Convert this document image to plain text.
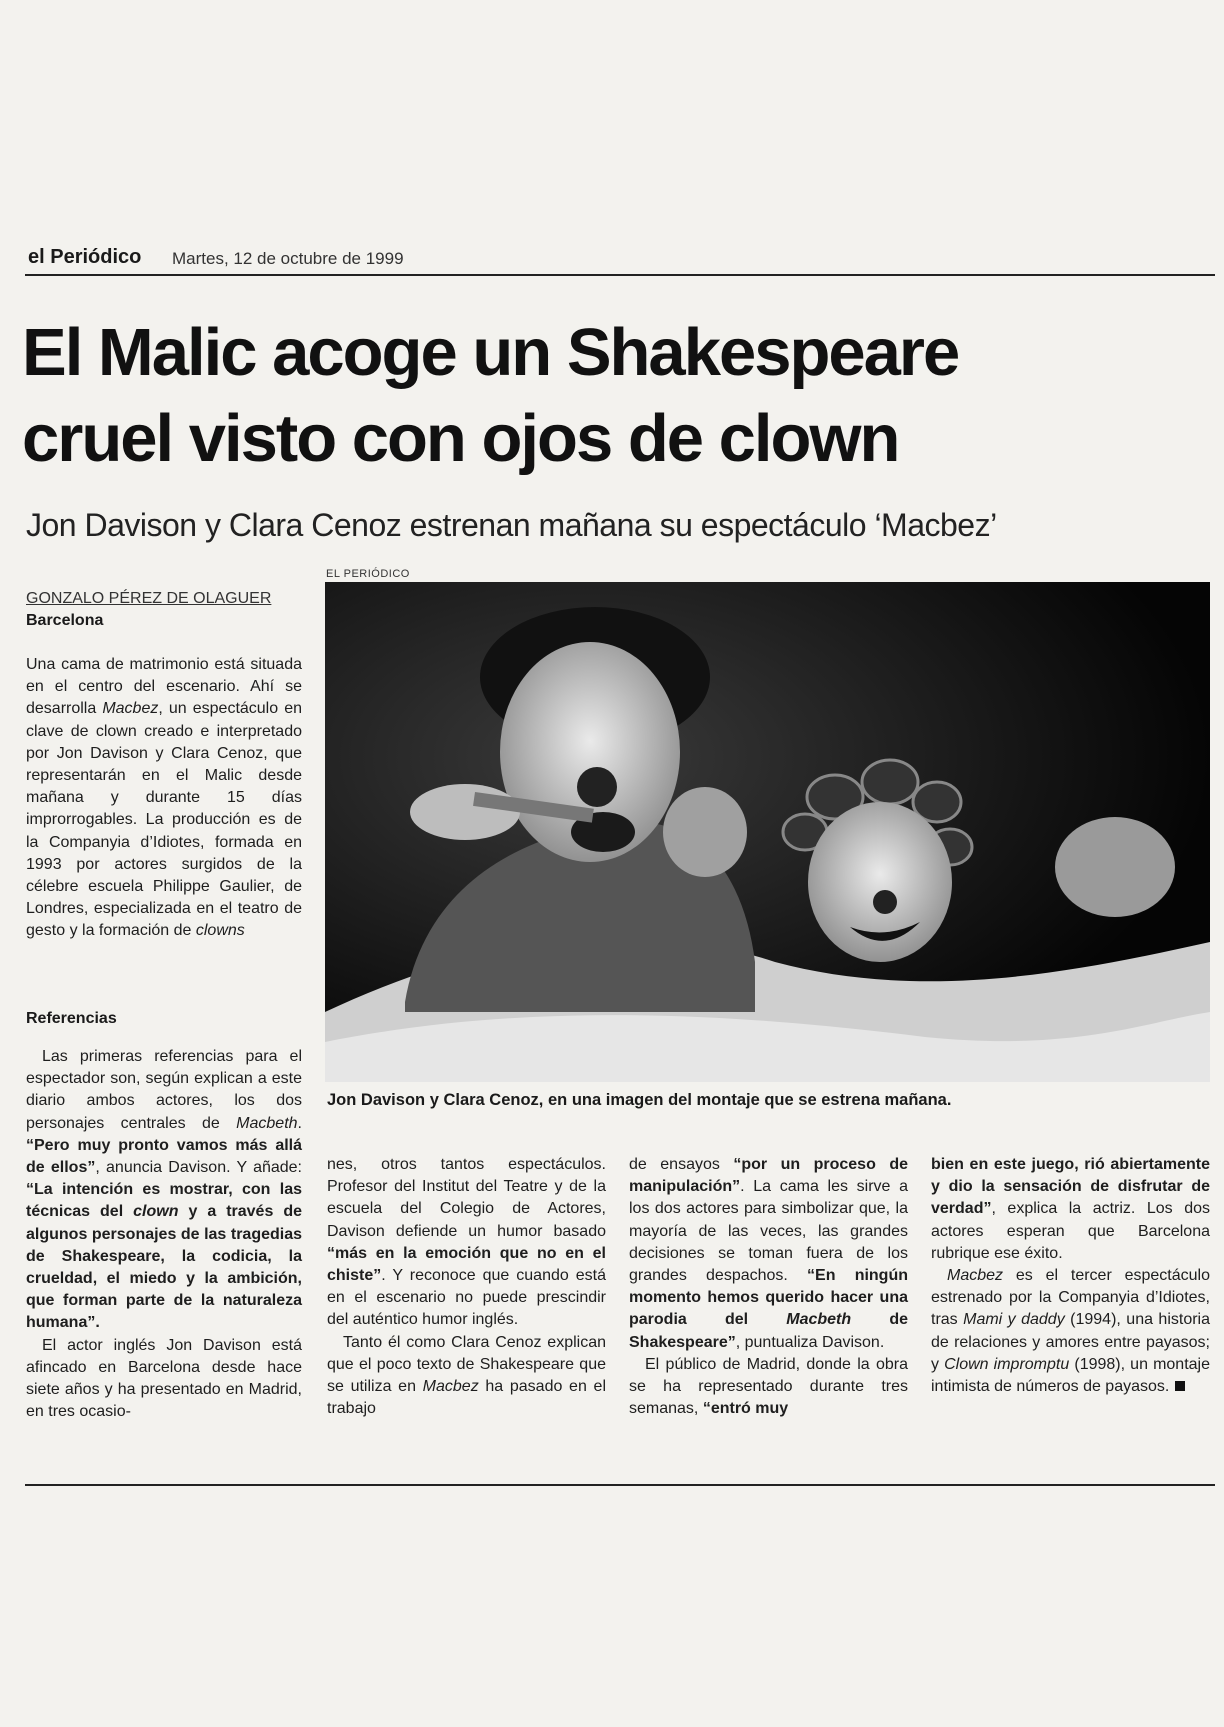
el Periódico Martes, 12 de octubre de 1999
El Malic acoge un Shakespeare
cruel visto con ojos de clown
Jon Davison y Clara Cenoz estrenan mañana su espectáculo ‘Macbez’
GONZALO PÉREZ DE OLAGUER
Barcelona
EL PERIÓDICO
Jon Davison y Clara Cenoz, en una imagen del montaje que se estrena mañana.

Una cama de matrimonio está situada en el centro del escenario. Ahí se desarrolla Macbez, un espectáculo en clave de clown creado e interpretado por Jon Davison y Clara Cenoz, que representarán en el Malic desde mañana y durante 15 días improrrogables. La producción es de la Companyia d’Idiotes, formada en 1993 por actores surgidos de la célebre escuela Philippe Gaulier, de Londres, especializada en el teatro de gesto y la formación de clowns

Referencias

Las primeras referencias para el espectador son, según explican a este diario ambos actores, los dos personajes centrales de Macbeth. “Pero muy pronto vamos más allá de ellos”, anuncia Davison. Y añade: “La intención es mostrar, con las técnicas del clown y a través de algunos personajes de las tragedias de Shakespeare, la codicia, la crueldad, el miedo y la ambición, que forman parte de la naturaleza humana”.

El actor inglés Jon Davison está afincado en Barcelona desde hace siete años y ha presentado en Madrid, en tres ocasio-

nes, otros tantos espectáculos. Profesor del Institut del Teatre y de la escuela del Colegio de Actores, Davison defiende un humor basado “más en la emoción que no en el chiste”. Y reconoce que cuando está en el escenario no puede prescindir del auténtico humor inglés.

Tanto él como Clara Cenoz explican que el poco texto de Shakespeare que se utiliza en Macbez ha pasado en el trabajo

de ensayos “por un proceso de manipulación”. La cama les sirve a los dos actores para simbolizar que, la mayoría de las veces, las grandes decisiones se toman fuera de los grandes despachos. “En ningún momento hemos querido hacer una parodia del Macbeth de Shakespeare”, puntualiza Davison.

El público de Madrid, donde la obra se ha representado durante tres semanas, “entró muy

bien en este juego, rió abiertamente y dio la sensación de disfrutar de verdad”, explica la actriz. Los dos actores esperan que Barcelona rubrique ese éxito.

Macbez es el tercer espectáculo estrenado por la Companyia d’Idiotes, tras Mami y daddy (1994), una historia de relaciones y amores entre payasos; y Clown impromptu (1998), un montaje intimista de números de payasos.
